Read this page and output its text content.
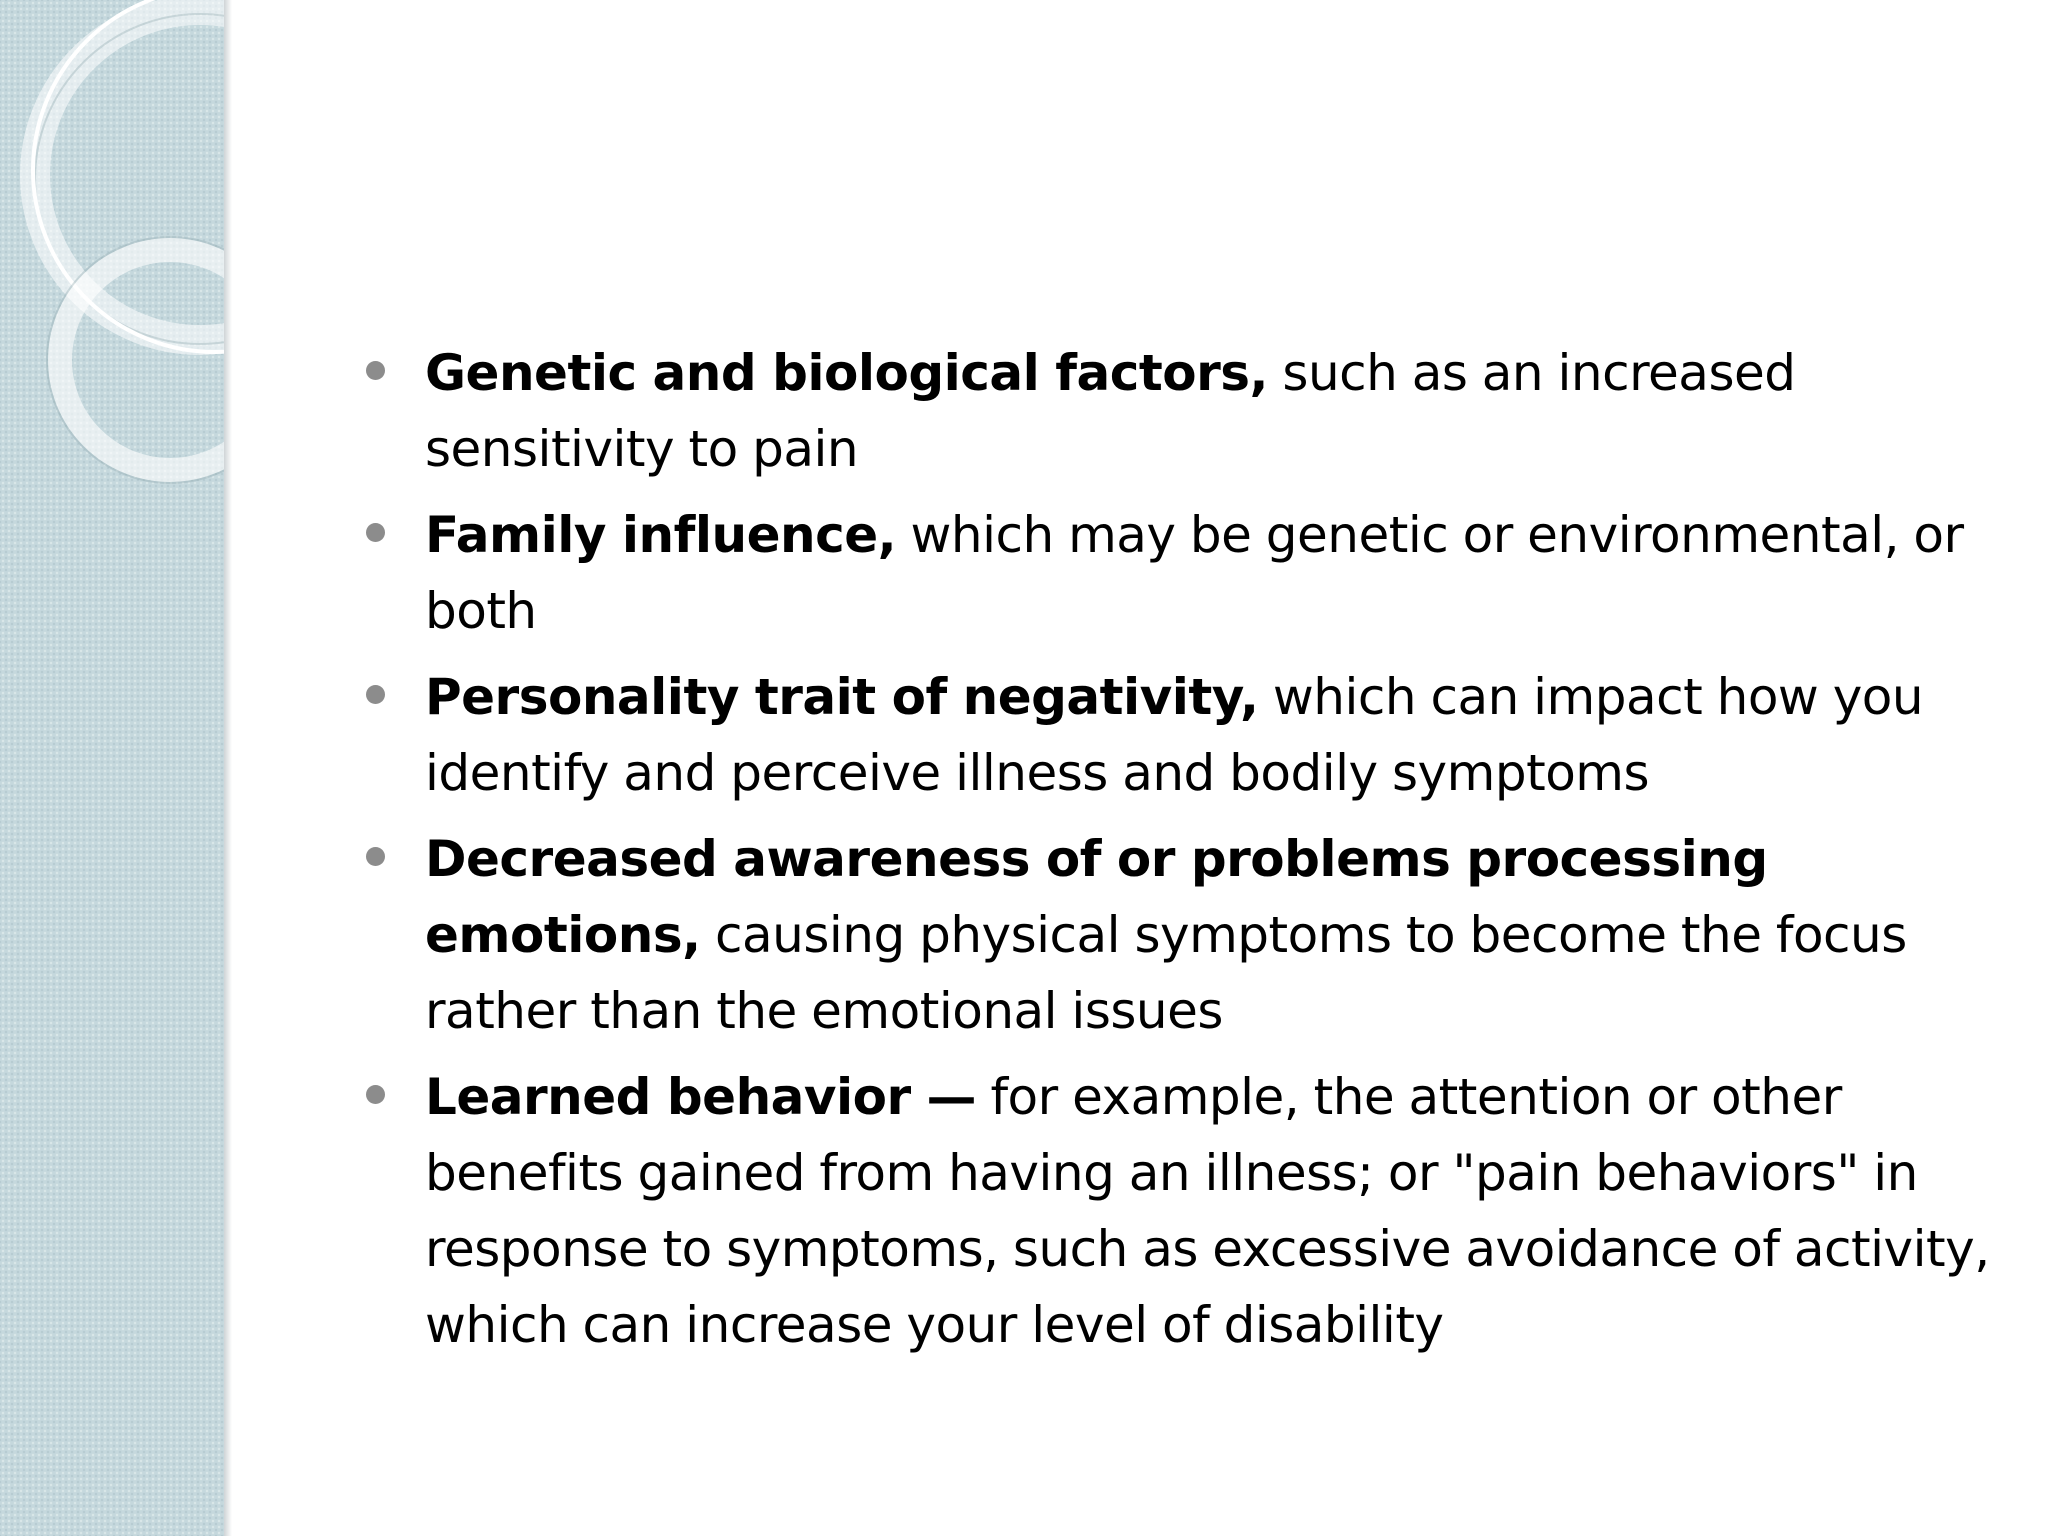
Genetic and biological factors, such as an increased sensitivity to pain
Family influence, which may be genetic or environmental, or both
Personality trait of negativity, which can impact how you identify and perceive illness and bodily symptoms
Decreased awareness of or problems processing emotions, causing physical symptoms to become the focus rather than the emotional issues
Learned behavior — for example, the attention or other benefits gained from having an illness; or "pain behaviors" in response to symptoms, such as excessive avoidance of activity, which can increase your level of disability
